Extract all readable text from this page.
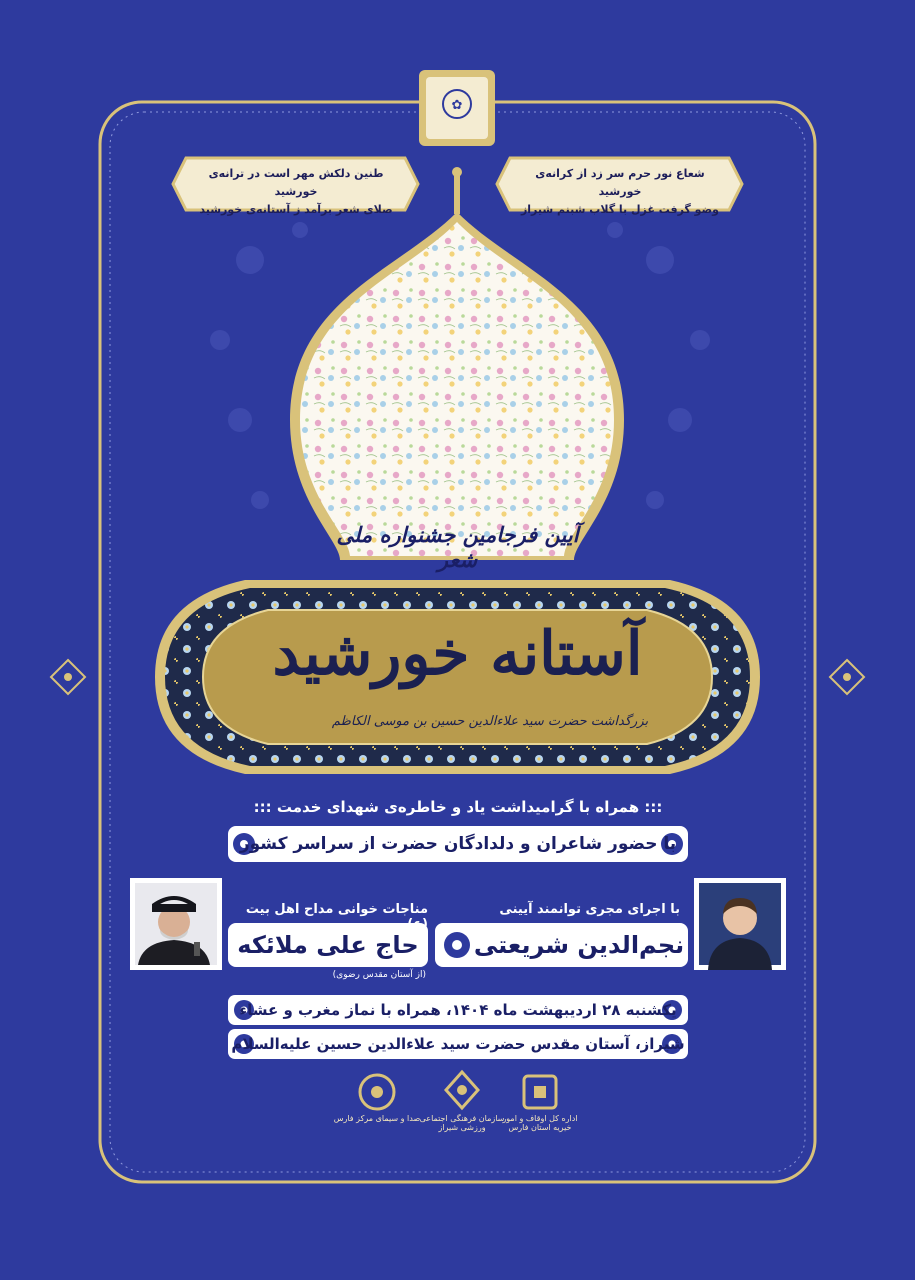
✿
شعاع نور حرم سر زد از کرانه‌ی خورشید
وضو گرفت غزل با گلاب شبنم شیراز
طنین دلکش مهر است در ترانه‌ی خورشید
صلای شعر برآمد ز آستانه‌ی خورشید
آیین فرجامین جشنواره ملی شعر
آستانه خورشید
بزرگداشت حضرت سید علاءالدین حسین بن موسی الکاظم
::: همراه با گرامیداشت یاد و خاطره‌ی شهدای خدمت :::
با حضور شاعران و دلدادگان حضرت از سراسر کشور
با اجرای مجری توانمند آیینی
نجم‌الدین شریعتی
مناجات خوانی مداح اهل بیت (ع)
حاج علی ملائکه
(از آستان مقدس رضوی)
یکشنبه ۲۸ اردیبهشت ماه ۱۴۰۴، همراه با نماز مغرب و عشاء
شیراز، آستان مقدس حضرت سید علاءالدین حسین علیه‌السلام
صدا و سیمای مرکز فارس سازمان فرهنگی اجتماعی ورزشی شیراز
اداره کل اوقاف و امور خیریه استان فارس
